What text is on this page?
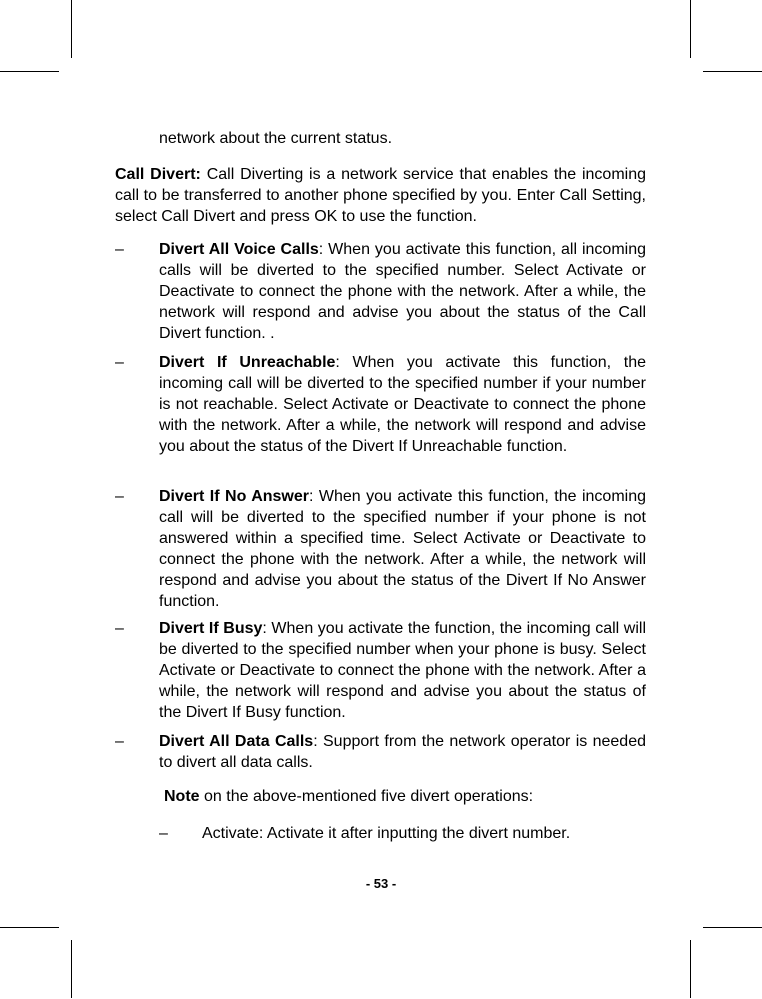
network about the current status.
Call Divert: Call Diverting is a network service that enables the incoming call to be transferred to another phone specified by you. Enter Call Setting, select Call Divert and press OK to use the function.
– Divert All Voice Calls: When you activate this function, all incoming calls will be diverted to the specified number. Select Activate or Deactivate to connect the phone with the network. After a while, the network will respond and advise you about the status of the Call Divert function. .
– Divert If Unreachable: When you activate this function, the incoming call will be diverted to the specified number if your number is not reachable. Select Activate or Deactivate to connect the phone with the network. After a while, the network will respond and advise you about the status of the Divert If Unreachable function.
– Divert If No Answer: When you activate this function, the incoming call will be diverted to the specified number if your phone is not answered within a specified time. Select Activate or Deactivate to connect the phone with the network. After a while, the network will respond and advise you about the status of the Divert If No Answer function.
– Divert If Busy: When you activate the function, the incoming call will be diverted to the specified number when your phone is busy. Select Activate or Deactivate to connect the phone with the network. After a while, the network will respond and advise you about the status of the Divert If Busy function.
– Divert All Data Calls: Support from the network operator is needed to divert all data calls.
Note on the above-mentioned five divert operations:
– Activate: Activate it after inputting the divert number.
- 53 -
